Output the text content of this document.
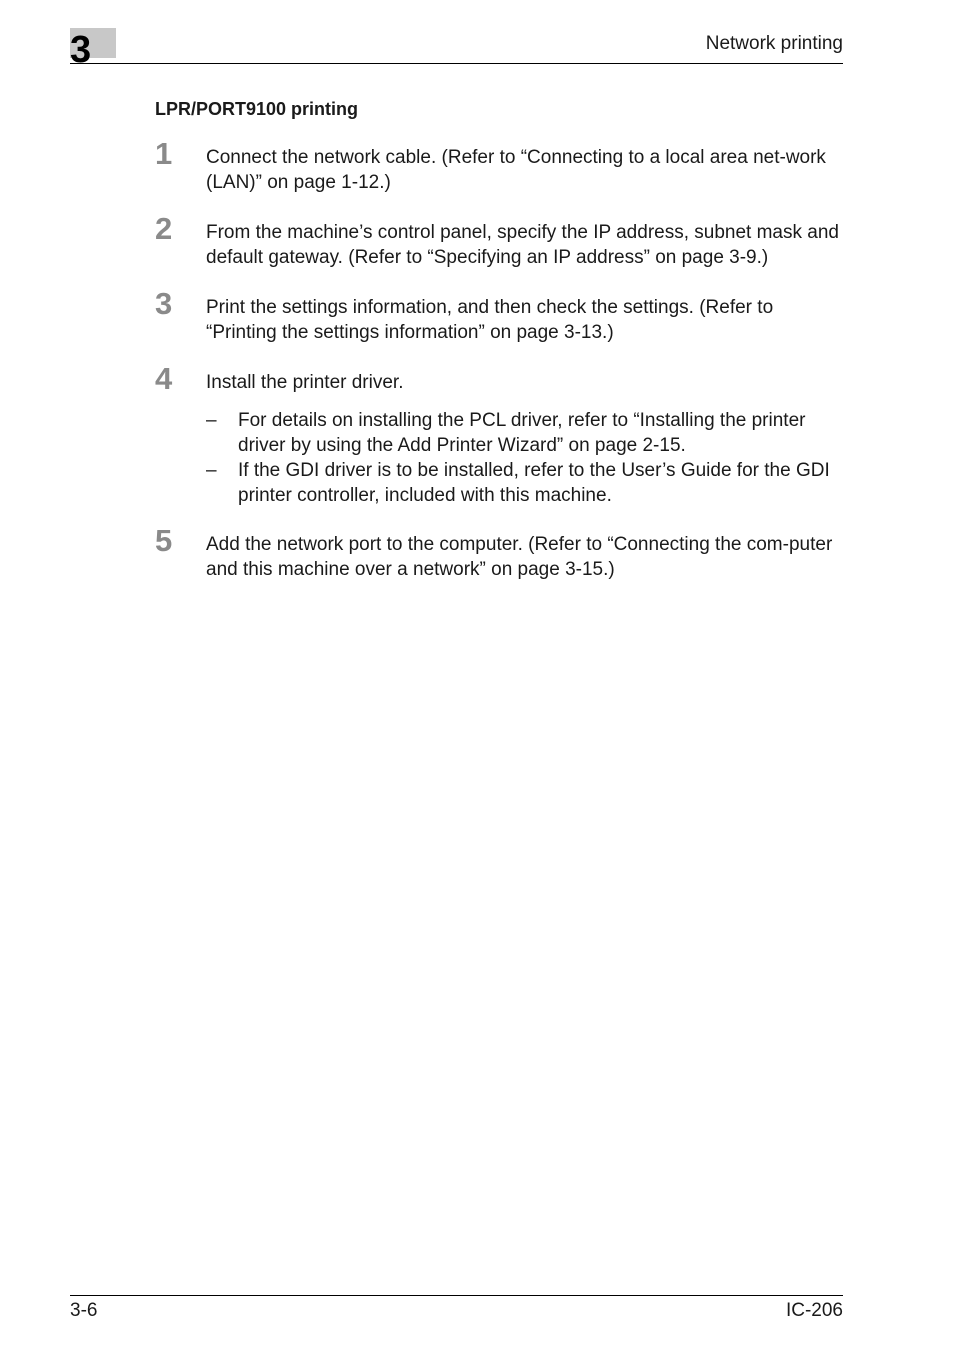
3	Network printing
LPR/PORT9100 printing
1 Connect the network cable. (Refer to “Connecting to a local area net-work (LAN)” on page 1-12.)
2 From the machine’s control panel, specify the IP address, subnet mask and default gateway. (Refer to “Specifying an IP address” on page 3-9.)
3 Print the settings information, and then check the settings. (Refer to “Printing the settings information” on page 3-13.)
4 Install the printer driver.
– For details on installing the PCL driver, refer to “Installing the printer driver by using the Add Printer Wizard” on page 2-15.
– If the GDI driver is to be installed, refer to the User’s Guide for the GDI printer controller, included with this machine.
5 Add the network port to the computer. (Refer to “Connecting the com-puter and this machine over a network” on page 3-15.)
3-6	IC-206
